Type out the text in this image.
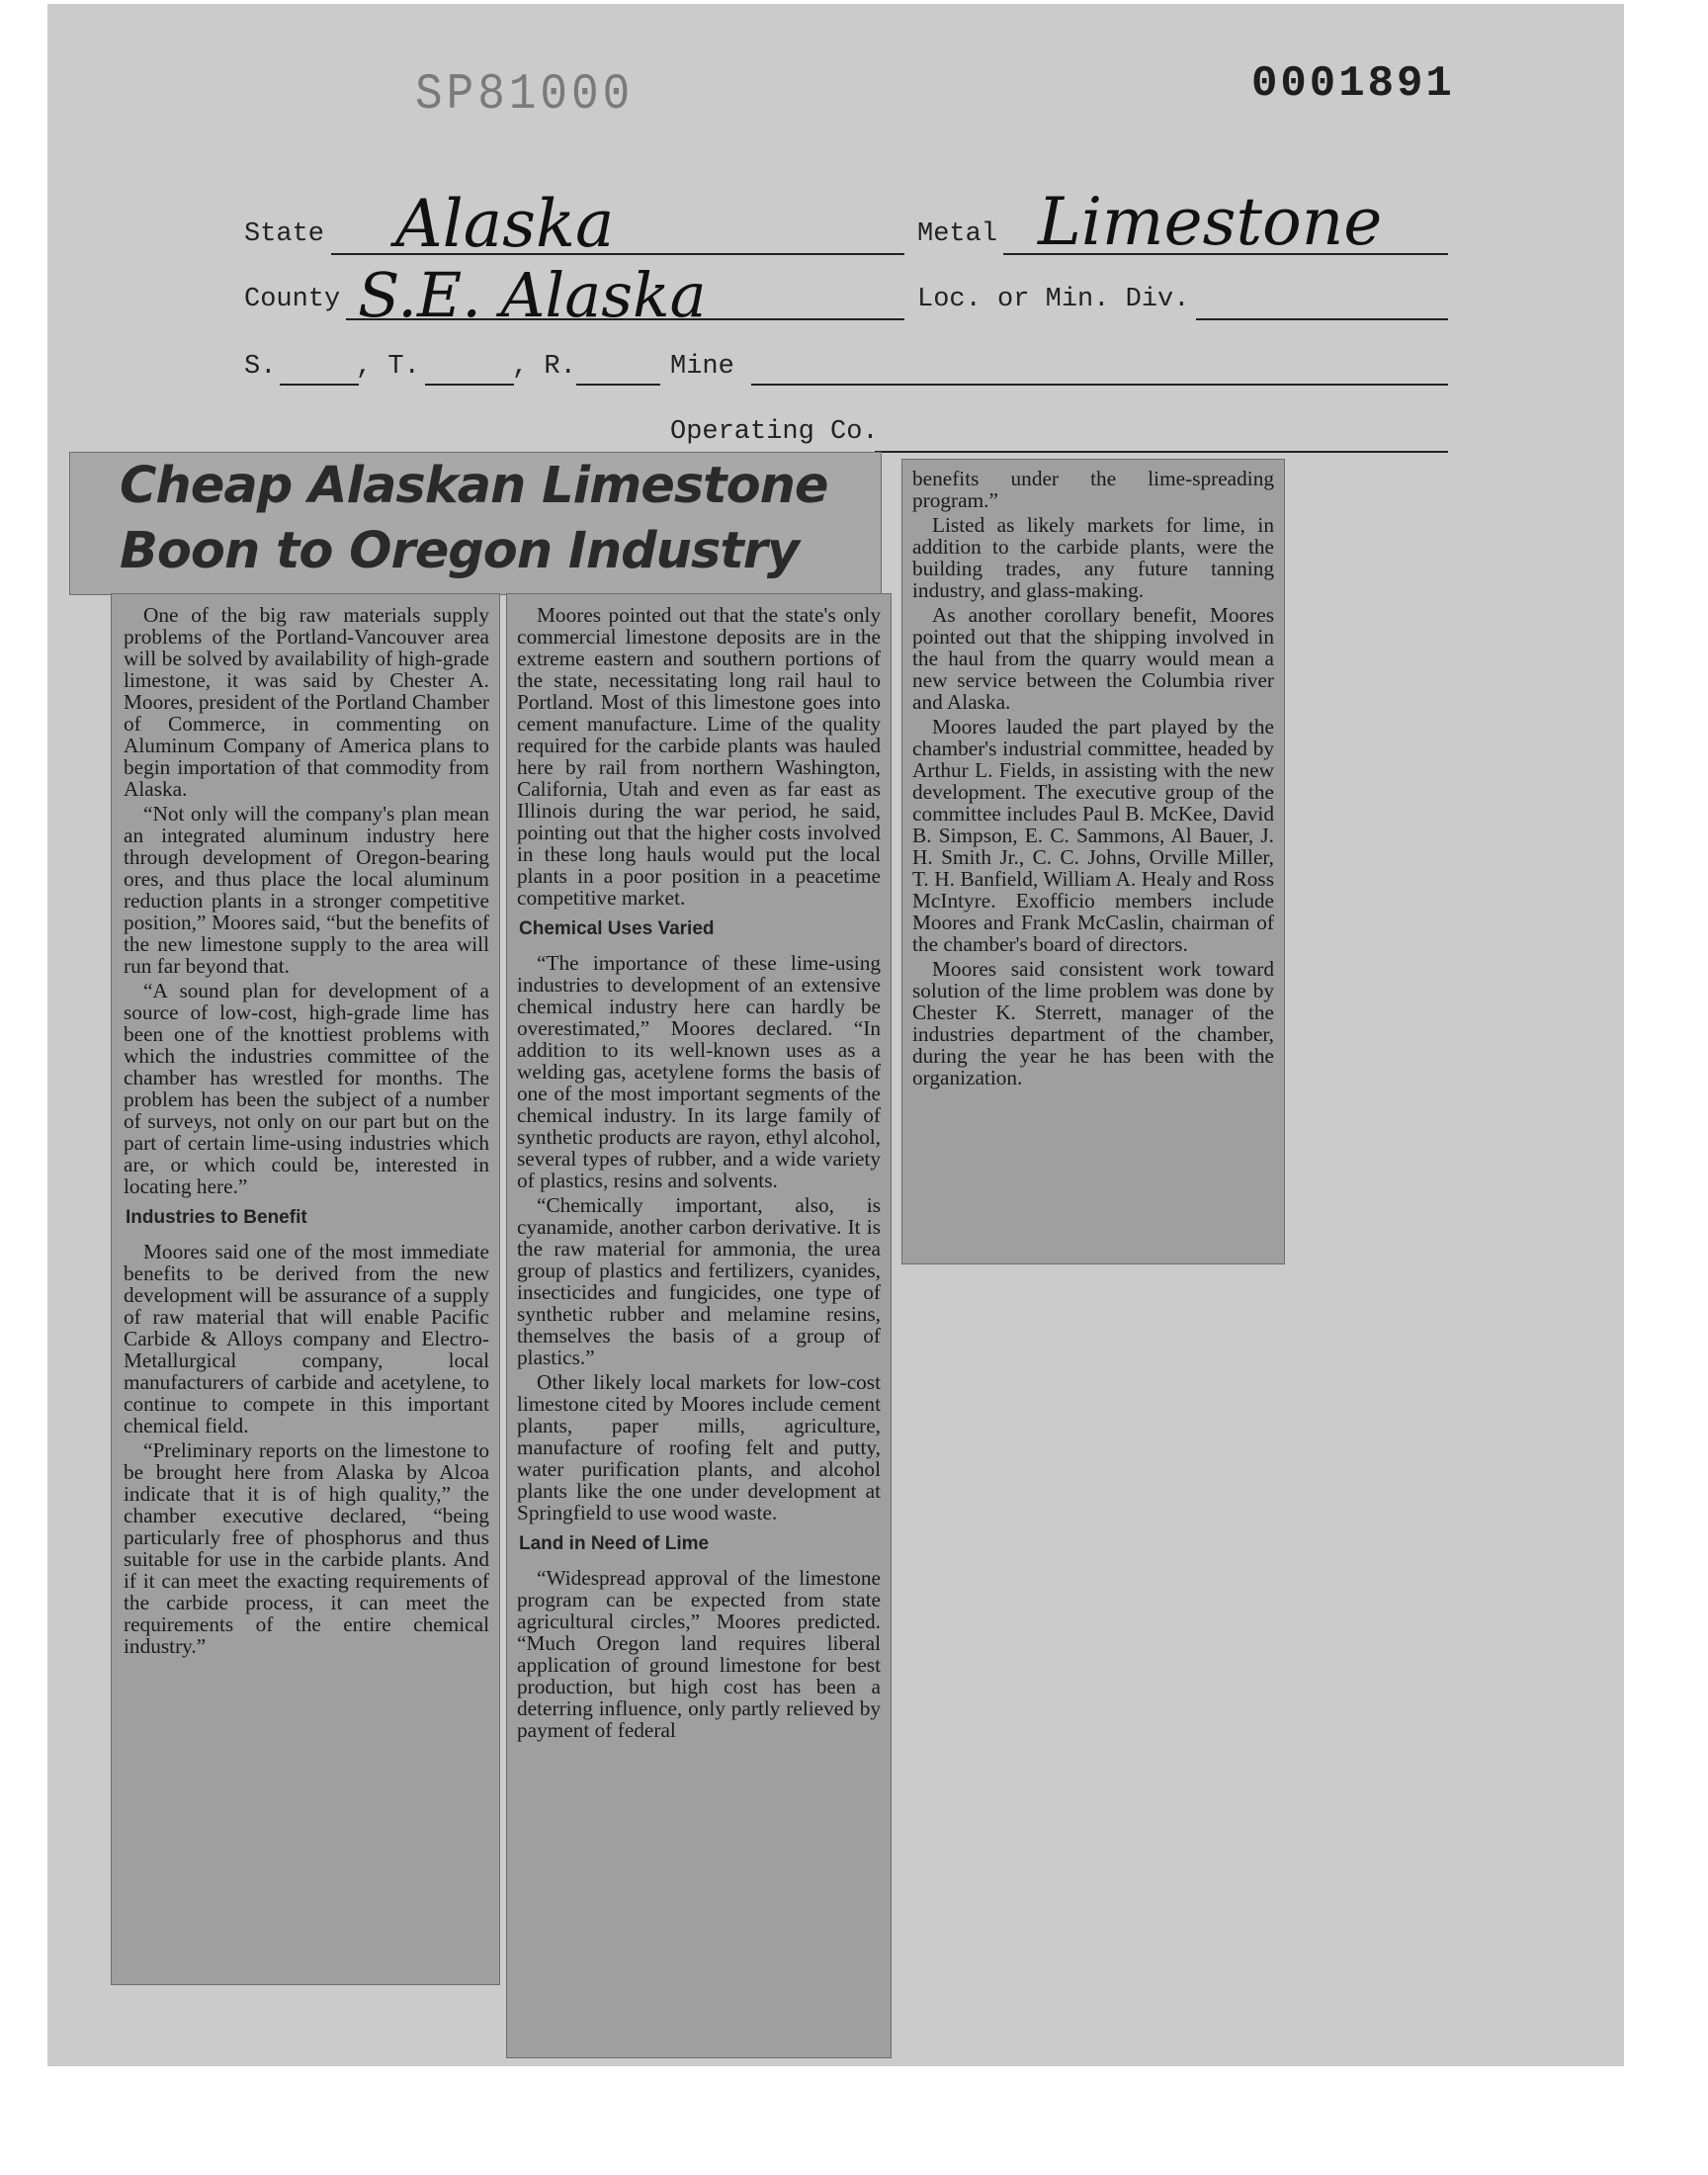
SP81000	0001891
State Alaska	Metal Limestone
County S.E. Alaska	Loc. or Min. Div.
S.	, T.	, R.	Mine
Operating Co.
Cheap Alaskan Limestone
Boon to Oregon Industry

One of the big raw materials supply problems of the Portland-Vancouver area will be solved by availability of high-grade limestone, it was said by Chester A. Moores, president of the Portland Chamber of Commerce, in commenting on Aluminum Company of America plans to begin importation of that commodity from Alaska.

“Not only will the company's plan mean an integrated aluminum industry here through development of Oregon-bearing ores, and thus place the local aluminum reduction plants in a stronger competitive position,” Moores said, “but the benefits of the new limestone supply to the area will run far beyond that.

“A sound plan for development of a source of low-cost, high-grade lime has been one of the knottiest problems with which the industries committee of the chamber has wrestled for months. The problem has been the subject of a number of surveys, not only on our part but on the part of certain lime-using industries which are, or which could be, interested in locating here.”

Industries to Benefit

Moores said one of the most immediate benefits to be derived from the new development will be assurance of a supply of raw material that will enable Pacific Carbide & Alloys company and Electro-Metallurgical company, local manufacturers of carbide and acetylene, to continue to compete in this important chemical field.

“Preliminary reports on the limestone to be brought here from Alaska by Alcoa indicate that it is of high quality,” the chamber executive declared, “being particularly free of phosphorus and thus suitable for use in the carbide plants. And if it can meet the exacting requirements of the carbide process, it can meet the requirements of the entire chemical industry.”

Moores pointed out that the state's only commercial limestone deposits are in the extreme eastern and southern portions of the state, necessitating long rail haul to Portland. Most of this limestone goes into cement manufacture. Lime of the quality required for the carbide plants was hauled here by rail from northern Washington, California, Utah and even as far east as Illinois during the war period, he said, pointing out that the higher costs involved in these long hauls would put the local plants in a poor position in a peacetime competitive market.

Chemical Uses Varied

“The importance of these lime-using industries to development of an extensive chemical industry here can hardly be overestimated,” Moores declared. “In addition to its well-known uses as a welding gas, acetylene forms the basis of one of the most important segments of the chemical industry. In its large family of synthetic products are rayon, ethyl alcohol, several types of rubber, and a wide variety of plastics, resins and solvents.

“Chemically important, also, is cyanamide, another carbon derivative. It is the raw material for ammonia, the urea group of plastics and fertilizers, cyanides, insecticides and fungicides, one type of synthetic rubber and melamine resins, themselves the basis of a group of plastics.”

Other likely local markets for low-cost limestone cited by Moores include cement plants, paper mills, agriculture, manufacture of roofing felt and putty, water purification plants, and alcohol plants like the one under development at Springfield to use wood waste.

Land in Need of Lime

“Widespread approval of the limestone program can be expected from state agricultural circles,” Moores predicted. “Much Oregon land requires liberal application of ground limestone for best production, but high cost has been a deterring influence, only partly relieved by payment of federal

benefits under the lime-spreading program.”

Listed as likely markets for lime, in addition to the carbide plants, were the building trades, any future tanning industry, and glass-making.

As another corollary benefit, Moores pointed out that the shipping involved in the haul from the quarry would mean a new service between the Columbia river and Alaska.

Moores lauded the part played by the chamber's industrial committee, headed by Arthur L. Fields, in assisting with the new development. The executive group of the committee includes Paul B. McKee, David B. Simpson, E. C. Sammons, Al Bauer, J. H. Smith Jr., C. C. Johns, Orville Miller, T. H. Banfield, William A. Healy and Ross McIntyre. Exofficio members include Moores and Frank McCaslin, chairman of the chamber's board of directors.

Moores said consistent work toward solution of the lime problem was done by Chester K. Sterrett, manager of the industries department of the chamber, during the year he has been with the organization.
